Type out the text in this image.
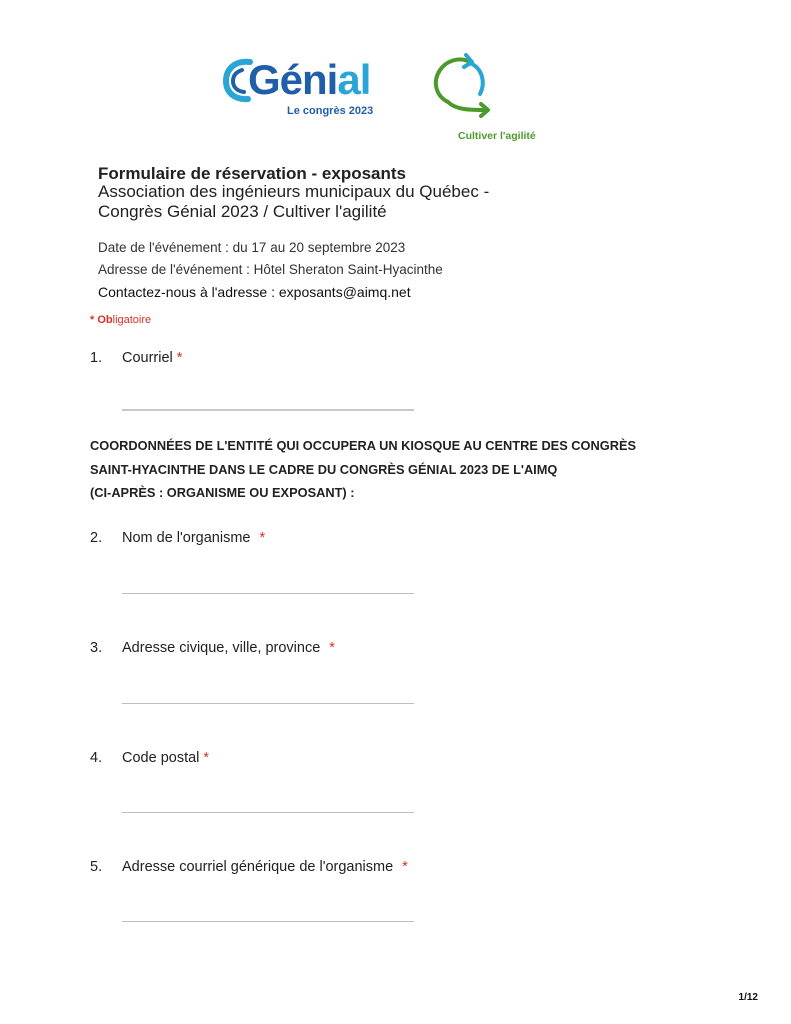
Génial
Le congrès 2023
Cultiver l'agilité
Formulaire de réservation - exposants
Association des ingénieurs municipaux du Québec - Congrès Génial 2023 / Cultiver l'agilité
Date de l'événement : du 17 au 20 septembre 2023
Adresse de l'événement : Hôtel Sheraton Saint-Hyacinthe
Contactez-nous à l'adresse : exposants@aimq.net
* Obligatoire
1. Courriel *
COORDONNÉES DE L'ENTITÉ QUI OCCUPERA UN KIOSQUE AU CENTRE DES CONGRÈS
SAINT-HYACINTHE DANS LE CADRE DU CONGRÈS GÉNIAL 2023 DE L'AIMQ
(CI-APRÈS : ORGANISME OU EXPOSANT) :
2. Nom de l'organisme *
3. Adresse civique, ville, province *
4. Code postal *
5. Adresse courriel générique de l'organisme *
1/12
